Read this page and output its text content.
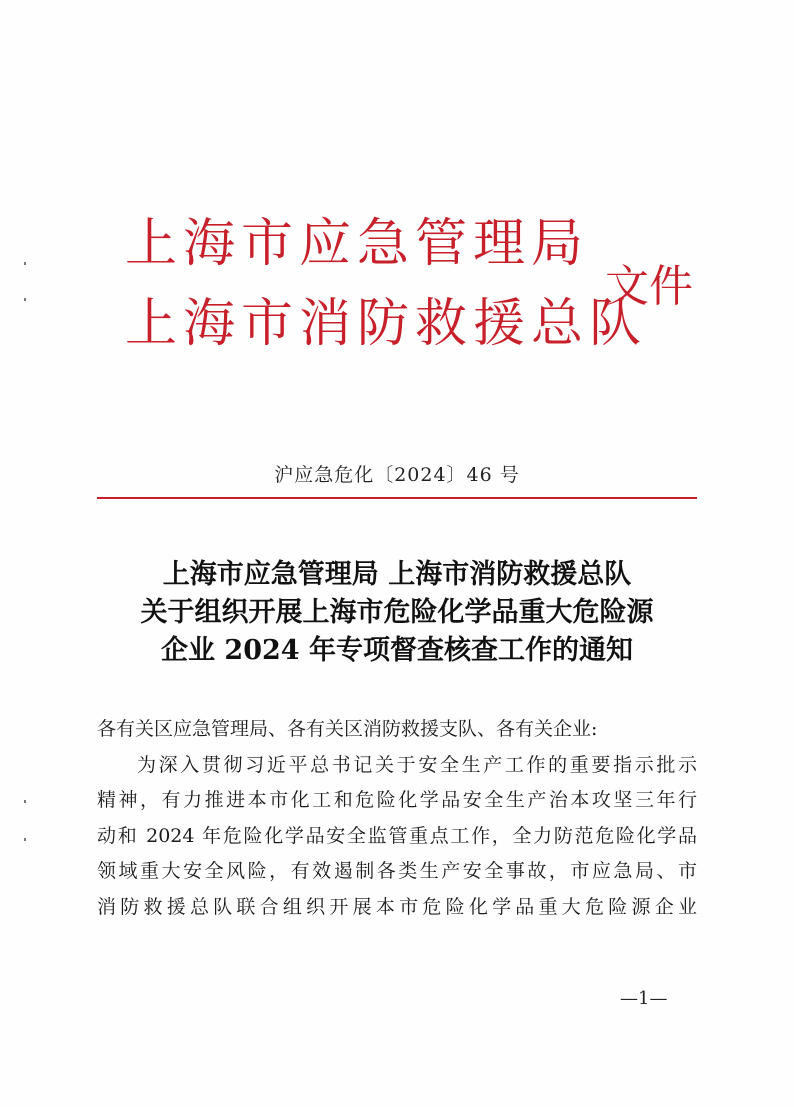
上海市应急管理局
上海市消防救援总队
文件
沪应急危化〔2024〕46 号
上海市应急管理局 上海市消防救援总队
关于组织开展上海市危险化学品重大危险源
企业 2024 年专项督查核查工作的通知
各有关区应急管理局、各有关区消防救援支队、各有关企业:
为深入贯彻习近平总书记关于安全生产工作的重要指示批示
精神，有力推进本市化工和危险化学品安全生产治本攻坚三年行
动和 2024 年危险化学品安全监管重点工作，全力防范危险化学品
领域重大安全风险，有效遏制各类生产安全事故，市应急局、市
消防救援总队联合组织开展本市危险化学品重大危险源企业
—1—
